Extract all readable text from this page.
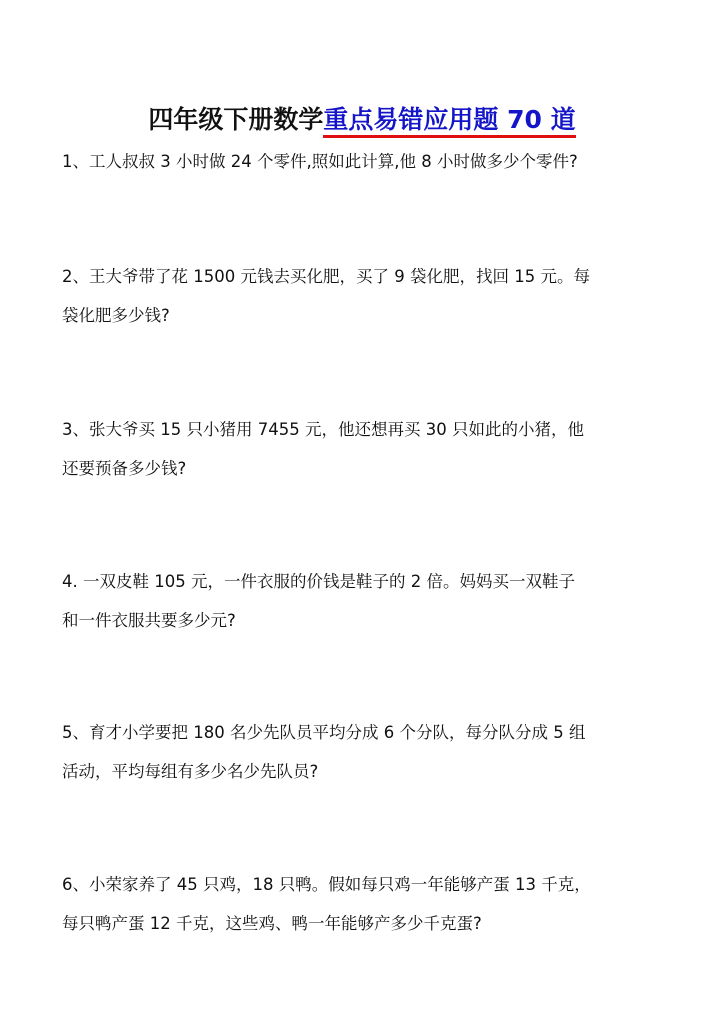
四年级下册数学重点易错应用题 70 道
1、工人叔叔 3 小时做 24 个零件,照如此计算,他 8 小时做多少个零件?
2、王大爷带了花 1500 元钱去买化肥，买了 9 袋化肥，找回 15 元。每
袋化肥多少钱?
3、张大爷买 15 只小猪用 7455 元，他还想再买 30 只如此的小猪，他
还要预备多少钱?
4. 一双皮鞋 105 元，一件衣服的价钱是鞋子的 2 倍。妈妈买一双鞋子
和一件衣服共要多少元?
5、育才小学要把 180 名少先队员平均分成 6 个分队，每分队分成 5 组
活动，平均每组有多少名少先队员?
6、小荣家养了 45 只鸡，18 只鸭。假如每只鸡一年能够产蛋 13 千克，
每只鸭产蛋 12 千克，这些鸡、鸭一年能够产多少千克蛋?
